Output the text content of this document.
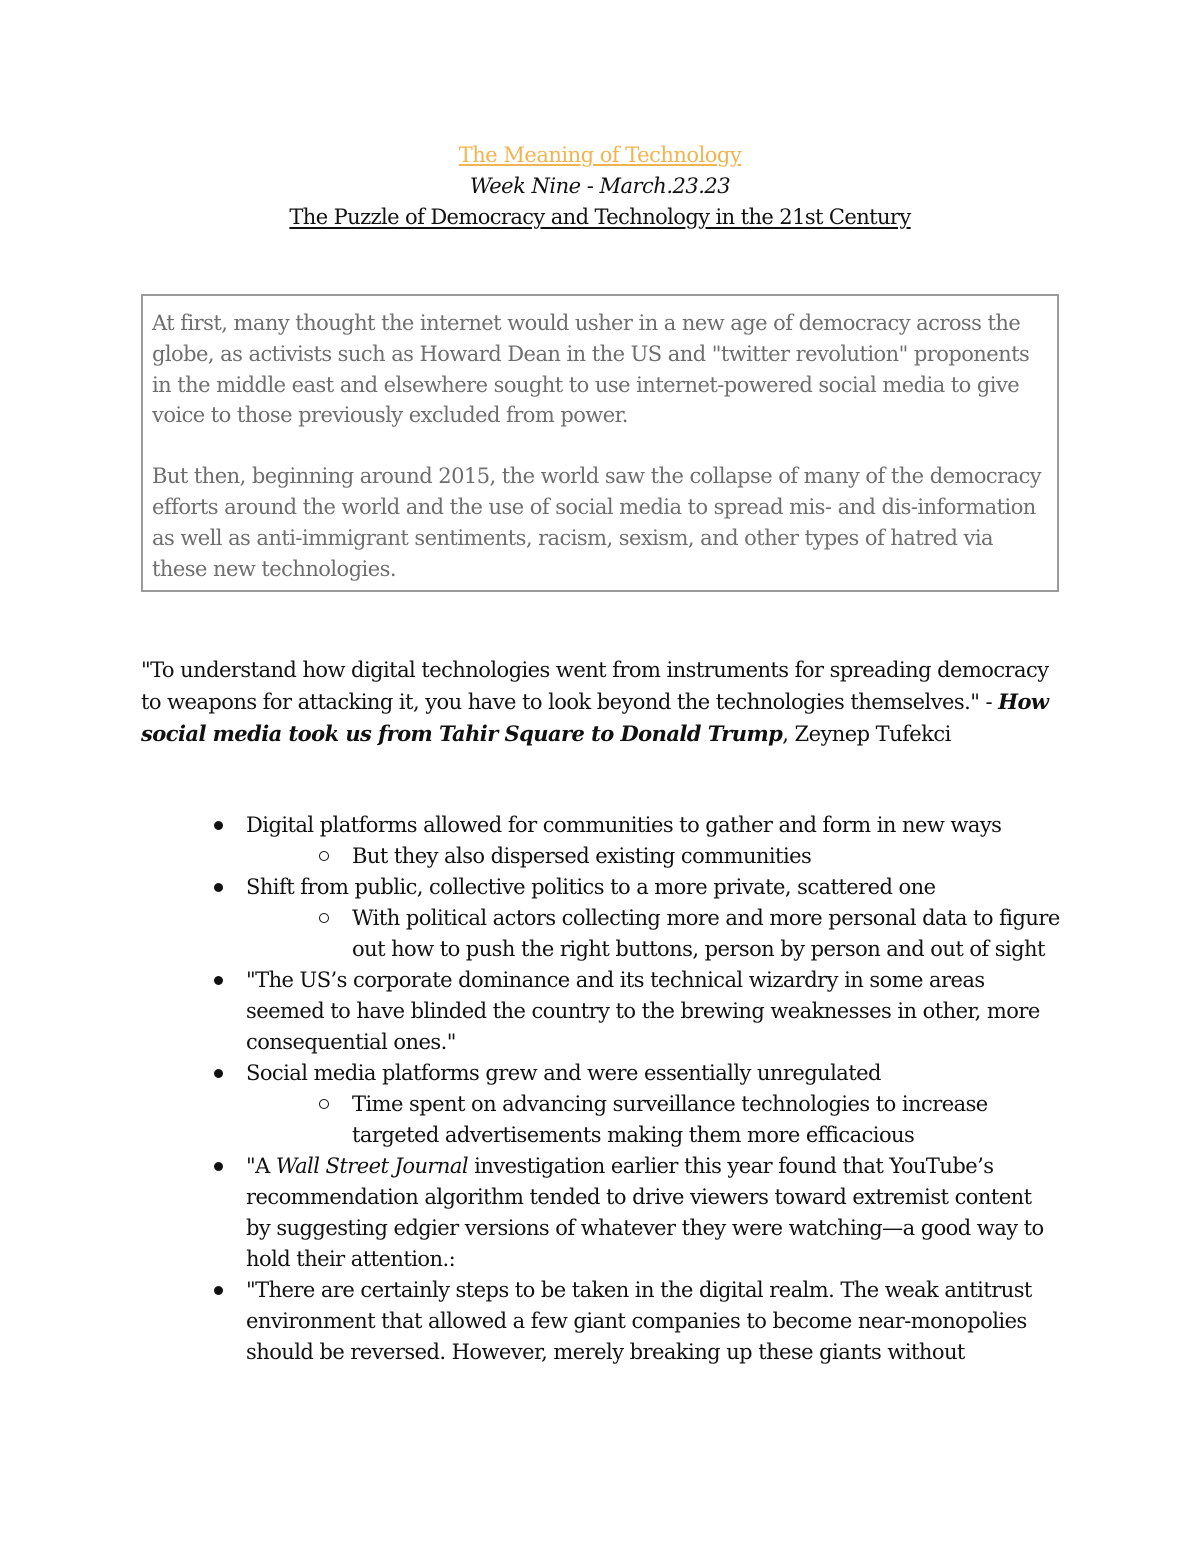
The Meaning of Technology
Week Nine - March.23.23
The Puzzle of Democracy and Technology in the 21st Century

At first, many thought the internet would usher in a new age of democracy across the globe, as activists such as Howard Dean in the US and "twitter revolution" proponents in the middle east and elsewhere sought to use internet-powered social media to give voice to those previously excluded from power.

But then, beginning around 2015, the world saw the collapse of many of the democracy efforts around the world and the use of social media to spread mis- and dis-information as well as anti-immigrant sentiments, racism, sexism, and other types of hatred via these new technologies.

"To understand how digital technologies went from instruments for spreading democracy to weapons for attacking it, you have to look beyond the technologies themselves." - How social media took us from Tahir Square to Donald Trump, Zeynep Tufekci

Digital platforms allowed for communities to gather and form in new ways
But they also dispersed existing communities
Shift from public, collective politics to a more private, scattered one
With political actors collecting more and more personal data to figure out how to push the right buttons, person by person and out of sight
"The US’s corporate dominance and its technical wizardry in some areas seemed to have blinded the country to the brewing weaknesses in other, more consequential ones."
Social media platforms grew and were essentially unregulated
Time spent on advancing surveillance technologies to increase targeted advertisements making them more efficacious
"A Wall Street Journal investigation earlier this year found that YouTube’s recommendation algorithm tended to drive viewers toward extremist content by suggesting edgier versions of whatever they were watching—a good way to hold their attention.:
"There are certainly steps to be taken in the digital realm. The weak antitrust environment that allowed a few giant companies to become near-monopolies should be reversed. However, merely breaking up these giants without
